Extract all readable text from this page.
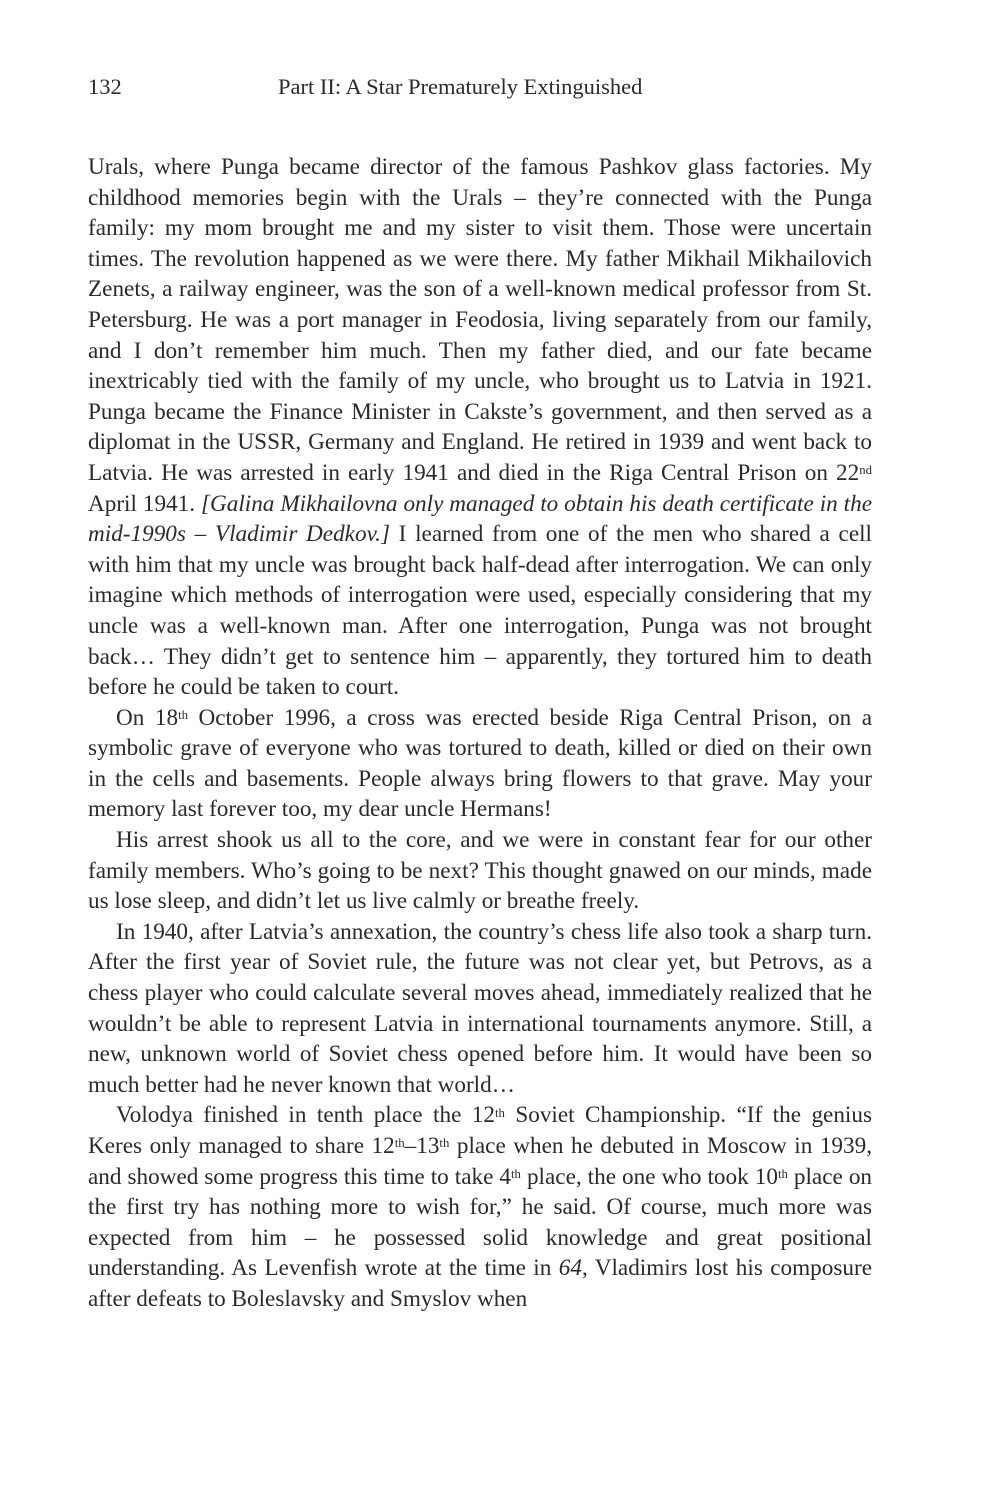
132	Part II: A Star Prematurely Extinguished

Urals, where Punga became director of the famous Pashkov glass factories. My childhood memories begin with the Urals – they’re connected with the Punga family: my mom brought me and my sister to visit them. Those were uncertain times. The revolution happened as we were there. My father Mikhail Mikhailovich Zenets, a railway engineer, was the son of a well-known medical professor from St. Petersburg. He was a port manager in Feodosia, living separately from our family, and I don’t remember him much. Then my father died, and our fate became inextricably tied with the family of my uncle, who brought us to Latvia in 1921. Punga became the Finance Minister in Cakste’s government, and then served as a diplomat in the USSR, Germany and England. He retired in 1939 and went back to Latvia. He was arrested in early 1941 and died in the Riga Central Prison on 22nd April 1941. [Galina Mikhailovna only managed to obtain his death certificate in the mid-1990s – Vladimir Dedkov.] I learned from one of the men who shared a cell with him that my uncle was brought back half-dead after interrogation. We can only imagine which methods of interrogation were used, especially considering that my uncle was a well-known man. After one interrogation, Punga was not brought back… They didn’t get to sentence him – apparently, they tortured him to death before he could be taken to court.

On 18th October 1996, a cross was erected beside Riga Central Prison, on a symbolic grave of everyone who was tortured to death, killed or died on their own in the cells and basements. People always bring flowers to that grave. May your memory last forever too, my dear uncle Hermans!

His arrest shook us all to the core, and we were in constant fear for our other family members. Who’s going to be next? This thought gnawed on our minds, made us lose sleep, and didn’t let us live calmly or breathe freely.

In 1940, after Latvia’s annexation, the country’s chess life also took a sharp turn. After the first year of Soviet rule, the future was not clear yet, but Petrovs, as a chess player who could calculate several moves ahead, immediately realized that he wouldn’t be able to represent Latvia in international tournaments anymore. Still, a new, unknown world of Soviet chess opened before him. It would have been so much better had he never known that world…

Volodya finished in tenth place the 12th Soviet Championship. “If the genius Keres only managed to share 12th–13th place when he debuted in Moscow in 1939, and showed some progress this time to take 4th place, the one who took 10th place on the first try has nothing more to wish for,” he said. Of course, much more was expected from him – he possessed solid knowledge and great positional understanding. As Levenfish wrote at the time in 64, Vladimirs lost his composure after defeats to Boleslavsky and Smyslov when
